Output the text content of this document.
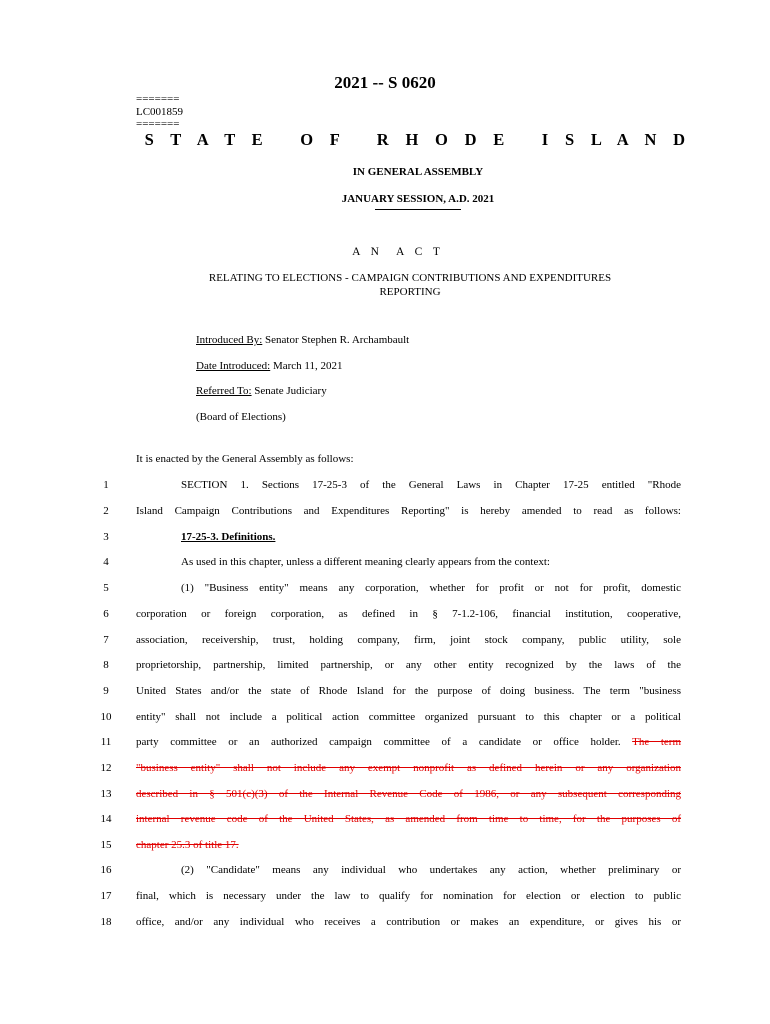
2021 -- S 0620
=======
LC001859
=======
S T A T E   O F   R H O D E   I S L A N D
IN GENERAL ASSEMBLY
JANUARY SESSION, A.D. 2021
A N  A C T
RELATING TO ELECTIONS - CAMPAIGN CONTRIBUTIONS AND EXPENDITURES
REPORTING
Introduced By: Senator Stephen R. Archambault
Date Introduced: March 11, 2021
Referred To: Senate Judiciary
(Board of Elections)
It is enacted by the General Assembly as follows:
1	SECTION 1. Sections 17-25-3 of the General Laws in Chapter 17-25 entitled "Rhode
2	Island Campaign Contributions and Expenditures Reporting" is hereby amended to read as follows:
3	17-25-3. Definitions.
4	As used in this chapter, unless a different meaning clearly appears from the context:
5	(1) "Business entity" means any corporation, whether for profit or not for profit, domestic
6	corporation or foreign corporation, as defined in § 7-1.2-106, financial institution, cooperative,
7	association, receivership, trust, holding company, firm, joint stock company, public utility, sole
8	proprietorship, partnership, limited partnership, or any other entity recognized by the laws of the
9	United States and/or the state of Rhode Island for the purpose of doing business. The term "business
10	entity" shall not include a political action committee organized pursuant to this chapter or a political
11	party committee or an authorized campaign committee of a candidate or office holder. The term
12	"business entity" shall not include any exempt nonprofit as defined herein or any organization
13	described in § 501(c)(3) of the Internal Revenue Code of 1986, or any subsequent corresponding
14	internal revenue code of the United States, as amended from time to time, for the purposes of
15	chapter 25.3 of title 17.
16	(2) "Candidate" means any individual who undertakes any action, whether preliminary or
17	final, which is necessary under the law to qualify for nomination for election or election to public
18	office, and/or any individual who receives a contribution or makes an expenditure, or gives his or
